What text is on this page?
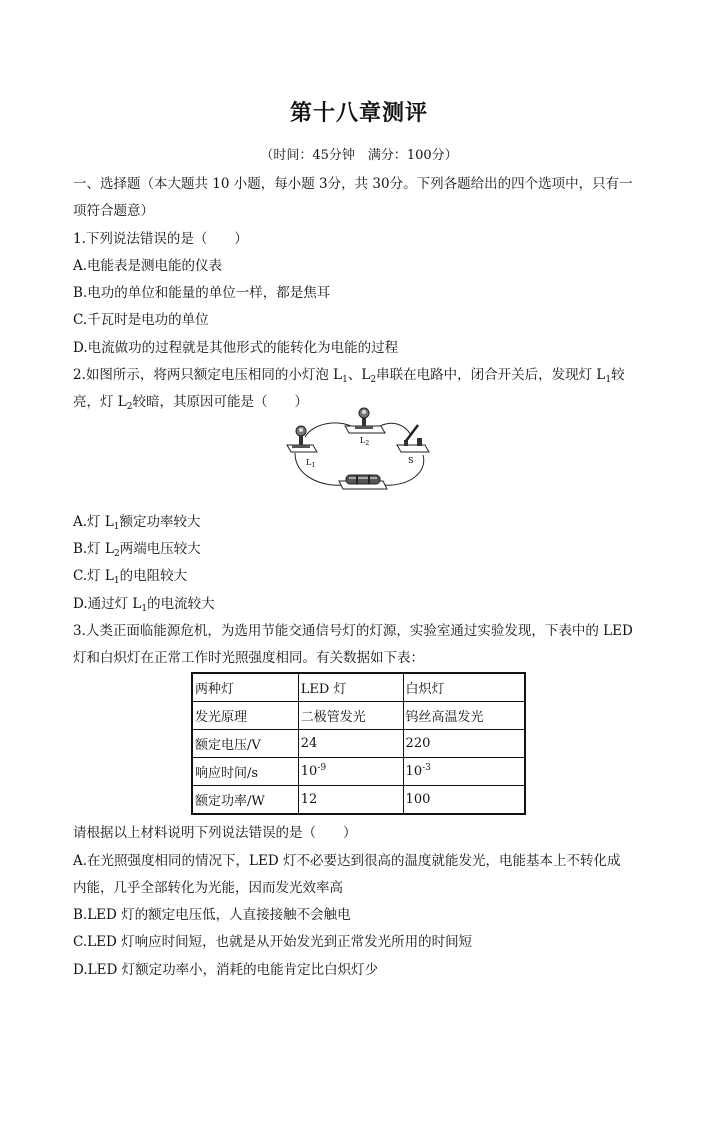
第十八章测评
（时间：45分钟　满分：100分）
一、选择题（本大题共 10 小题，每小题 3分，共 30分。下列各题给出的四个选项中，只有一
项符合题意）
1.下列说法错误的是（　　）
A.电能表是测电能的仪表
B.电功的单位和能量的单位一样，都是焦耳
C.千瓦时是电功的单位
D.电流做功的过程就是其他形式的能转化为电能的过程
2.如图所示，将两只额定电压相同的小灯泡 $L_1$、$L_2$串联在电路中，闭合开关后，发现灯 $L_1$较
亮，灯 $L_2$较暗，其原因可能是（　　）
$L_1$
$L_2$
S
A.灯 $L_1$额定功率较大
B.灯 $L_2$两端电压较大
C.灯 $L_1$的电阻较大
D.通过灯 $L_1$的电流较大
3.人类正面临能源危机，为选用节能交通信号灯的灯源，实验室通过实验发现，下表中的 LED
灯和白炽灯在正常工作时光照强度相同。有关数据如下表：
两种灯	LED 灯	白炽灯
发光原理	二极管发光	钨丝高温发光
额定电压/V	24	220
响应时间/s	$10^{-9}$	$10^{-3}$
额定功率/W	12	100
请根据以上材料说明下列说法错误的是（　　）
A.在光照强度相同的情况下，LED 灯不必要达到很高的温度就能发光，电能基本上不转化成
内能，几乎全部转化为光能，因而发光效率高
B.LED 灯的额定电压低，人直接接触不会触电
C.LED 灯响应时间短，也就是从开始发光到正常发光所用的时间短
D.LED 灯额定功率小，消耗的电能肯定比白炽灯少
